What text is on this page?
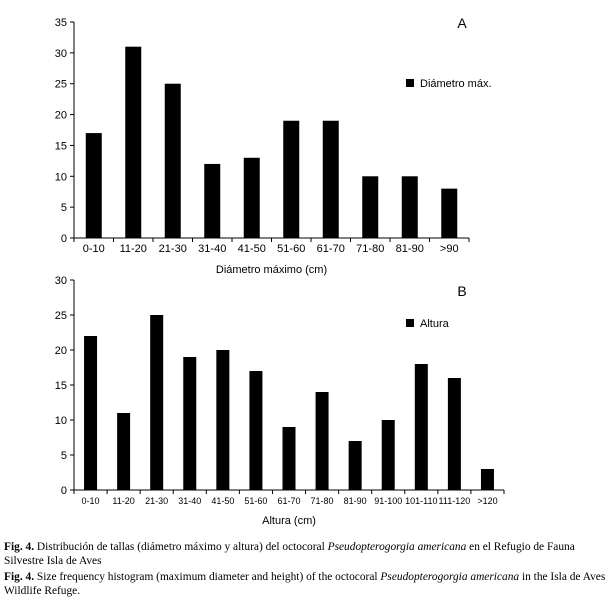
0
5
10
15
20
25
30
35
0-10 11-20 21-30 31-40 41-50 51-60 61-70 71-80 81-90 >90
Diámetro máximo (cm)
A
Diámetro máx.
0
5
10
15
20
25
30
0-10 11-20 21-30 31-40 41-50 51-60 61-70 71-80 81-90 91-100 101-110 111-120 >120
Altura (cm)
B
Altura
Fig. 4. Distribución de tallas (diámetro máximo y altura) del octocoral Pseudopterogorgia americana en el Refugio de Fauna Silvestre Isla de Aves
Fig. 4. Size frequency histogram (maximum diameter and height) of the octocoral Pseudopterogorgia americana in the Isla de Aves Wildlife Refuge.
